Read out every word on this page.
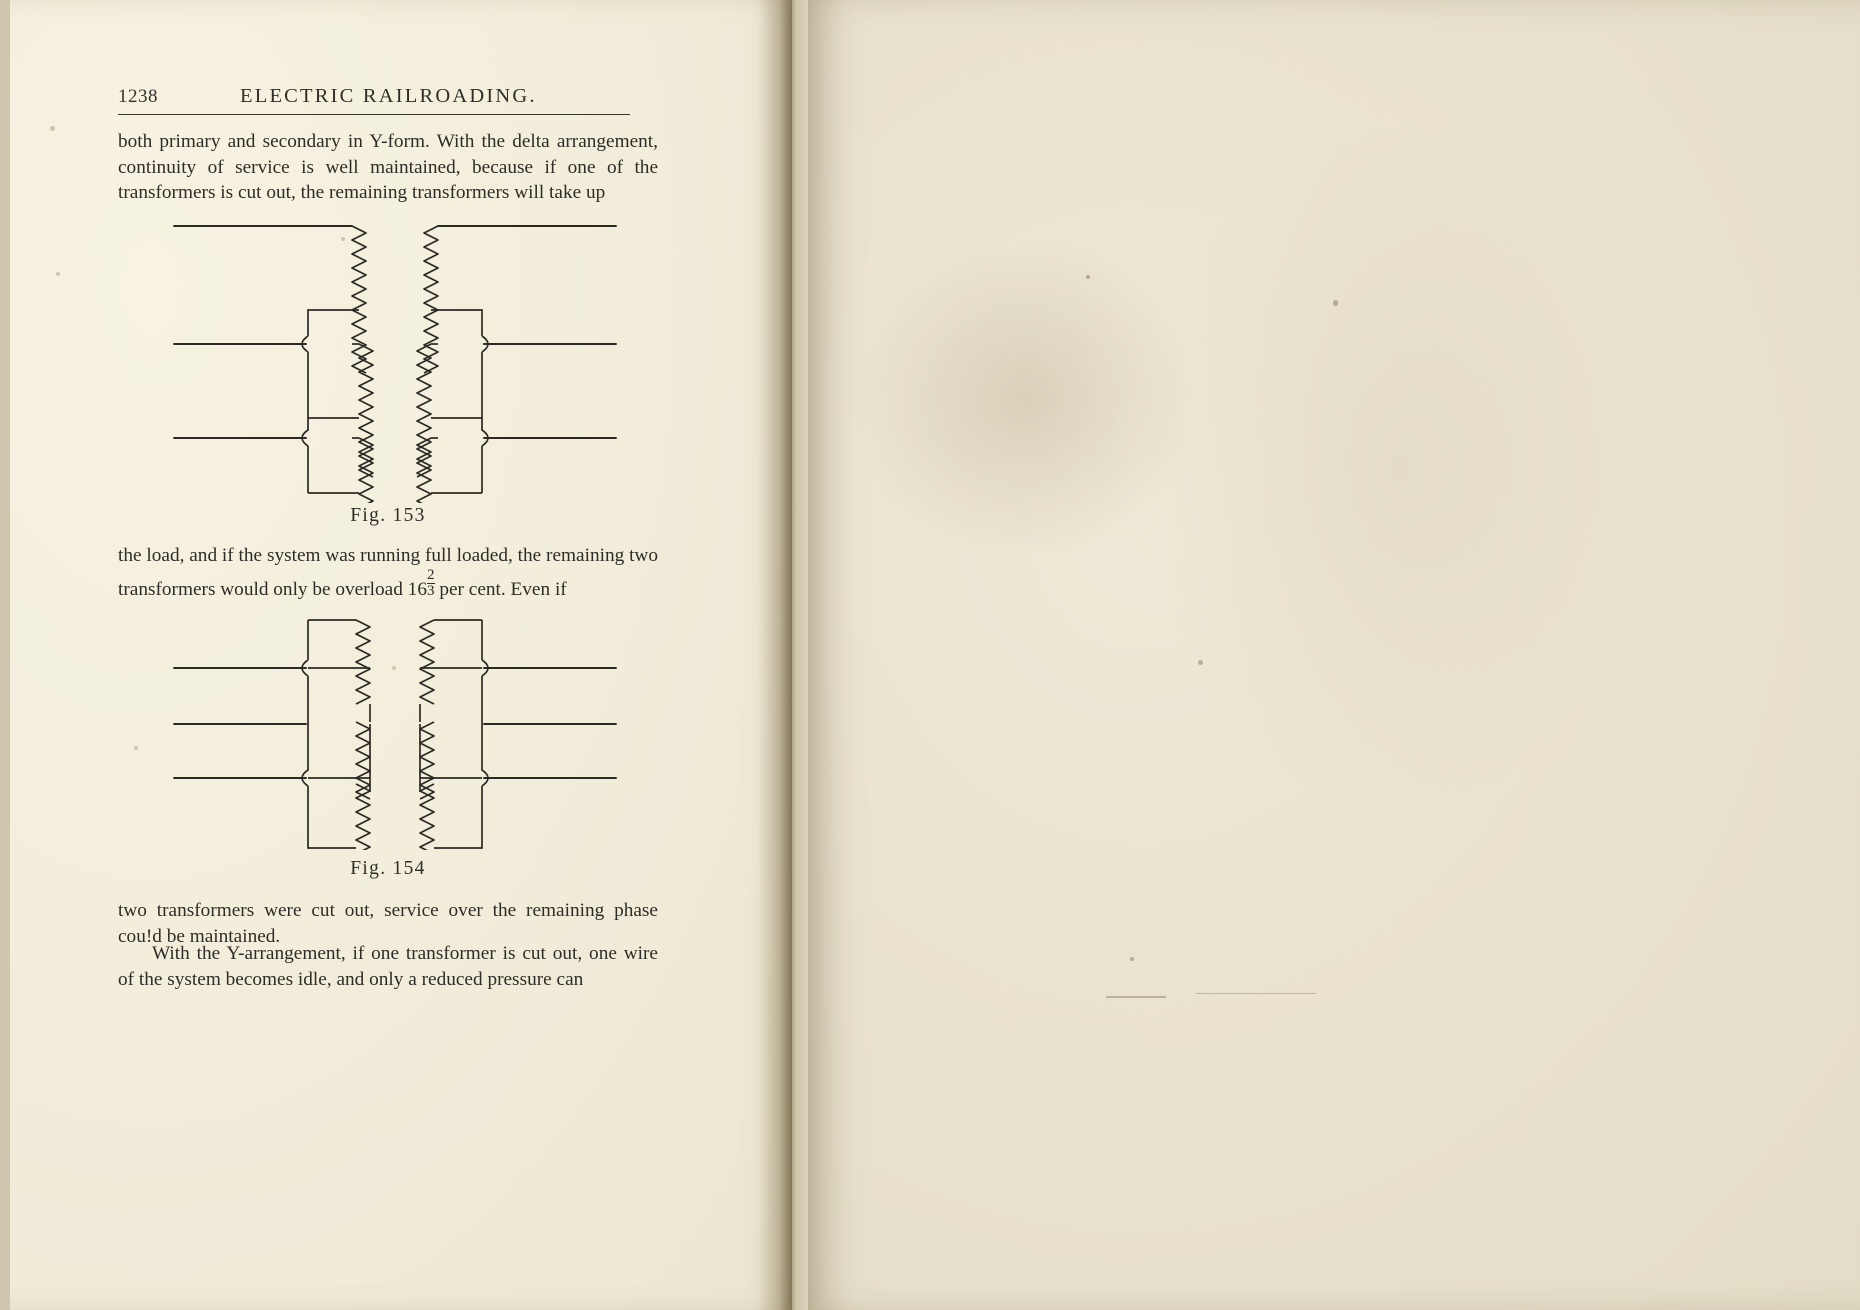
1238	ELECTRIC RAILROADING.

both primary and secondary in Y-form. With the delta arrangement, continuity of service is well maintained, because if one of the transformers is cut out, the remaining transformers will take up

Fig. 153

the load, and if the system was running full loaded, the remaining two transformers would only be overload $16 \frac{2}{3}$ per cent. Even if

Fig. 154

two transformers were cut out, service over the remaining phase cou!d be maintained.

With the Y-arrangement, if one transformer is cut out, one wire of the system becomes idle, and only a reduced pressure can
